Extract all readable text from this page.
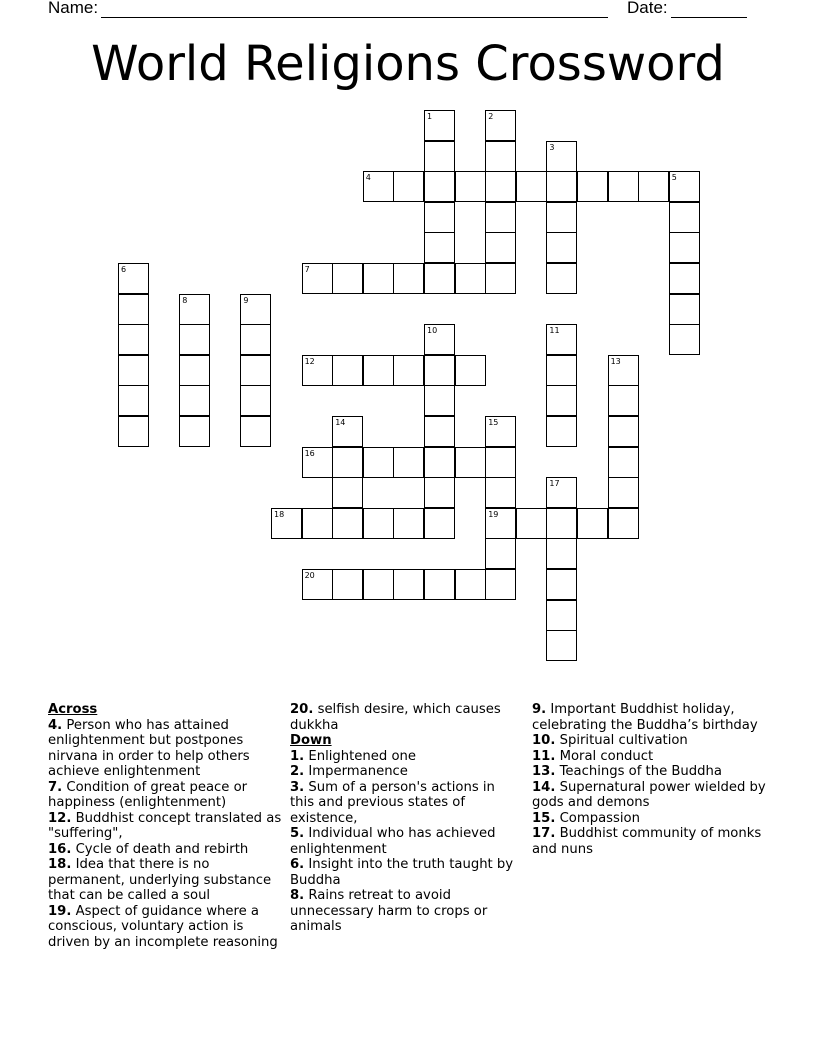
Name:	Date:
World Religions Crossword
4	5
7
12
16
18	19
20
1	2
3
6
8	9
10	11
13
14	15
17
Across
4. Person who has attained enlightenment but postpones nirvana in order to help others achieve enlightenment
7. Condition of great peace or happiness (enlightenment)
12. Buddhist concept translated as "suffering",
16. Cycle of death and rebirth
18. Idea that there is no permanent, underlying substance that can be called a soul
19. Aspect of guidance where a conscious, voluntary action is driven by an incomplete reasoning
20. selfish desire, which causes dukkha
Down
1. Enlightened one
2. Impermanence
3. Sum of a person's actions in this and previous states of existence,
5. Individual who has achieved enlightenment
6. Insight into the truth taught by Buddha
8. Rains retreat to avoid unnecessary harm to crops or animals
9. Important Buddhist holiday, celebrating the Buddha’s birthday
10. Spiritual cultivation
11. Moral conduct
13. Teachings of the Buddha
14. Supernatural power wielded by gods and demons
15. Compassion
17. Buddhist community of monks and nuns
